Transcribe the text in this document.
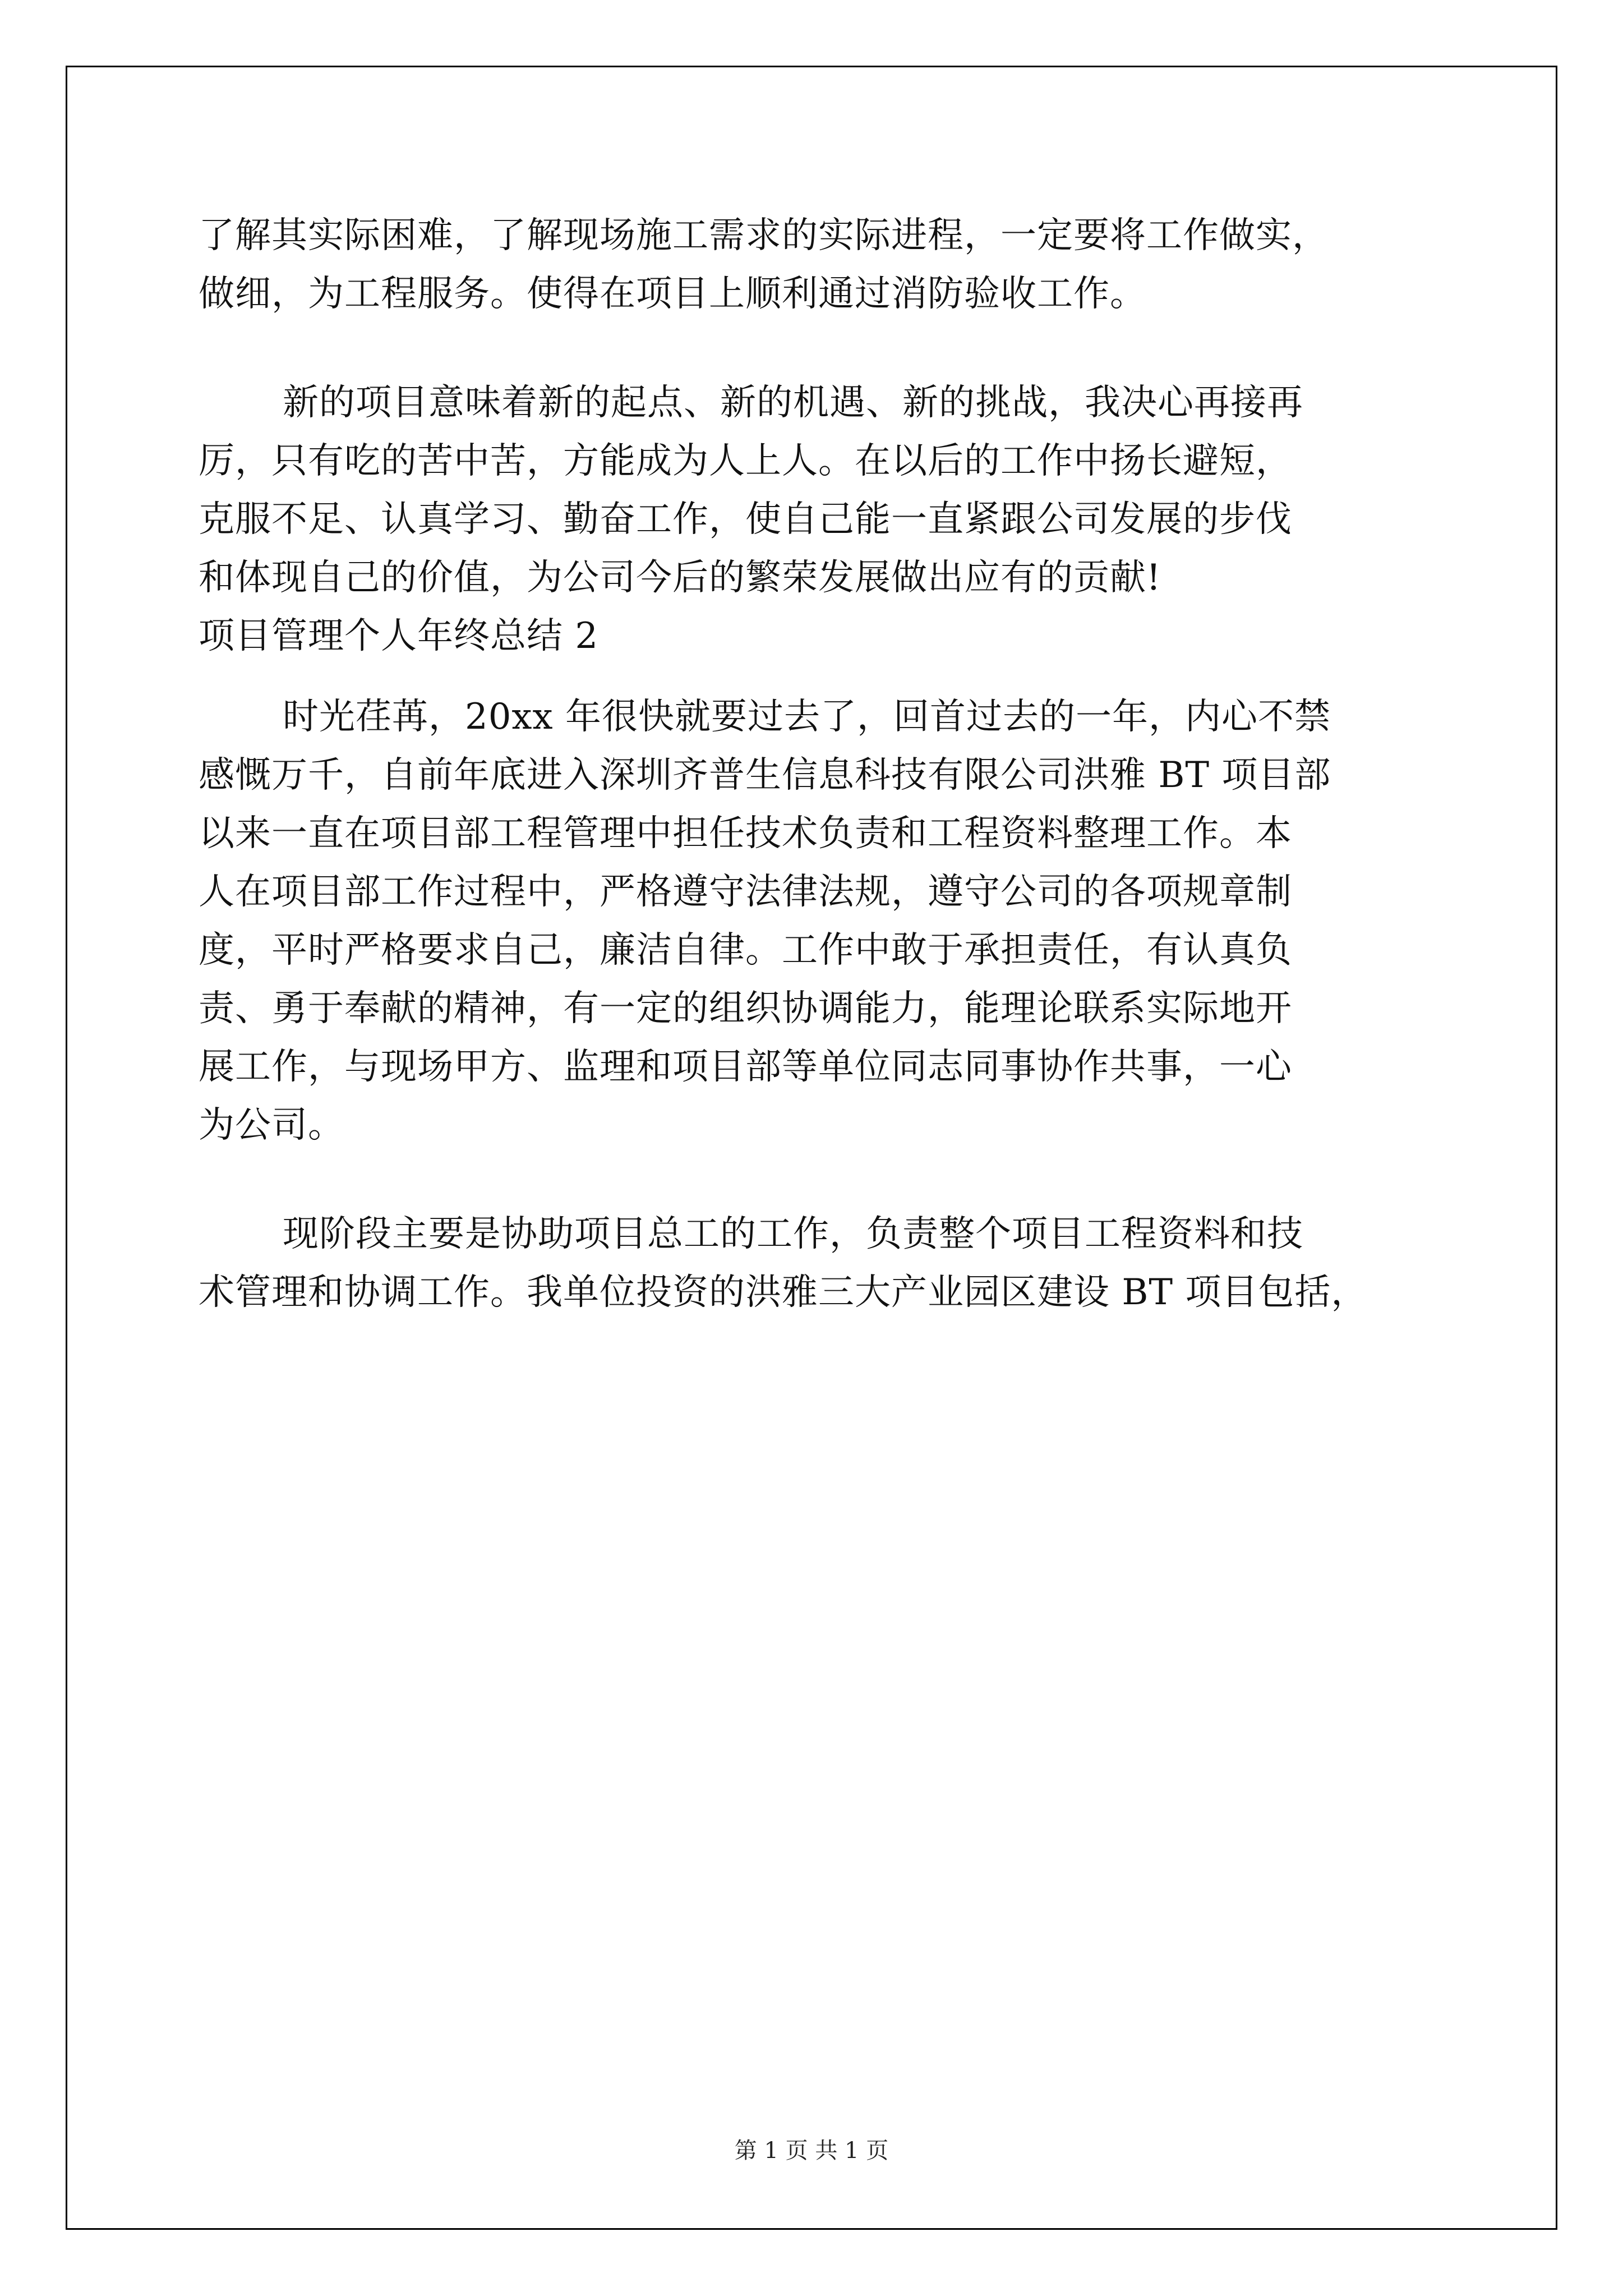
了解其实际困难，了解现场施工需求的实际进程，一定要将工作做实，
做细，为工程服务。使得在项目上顺利通过消防验收工作。
新的项目意味着新的起点、新的机遇、新的挑战，我决心再接再
厉，只有吃的苦中苦，方能成为人上人。在以后的工作中扬长避短，
克服不足、认真学习、勤奋工作，使自己能一直紧跟公司发展的步伐
和体现自己的价值，为公司今后的繁荣发展做出应有的贡献!
项目管理个人年终总结 2
时光荏苒，20xx 年很快就要过去了，回首过去的一年，内心不禁
感慨万千，自前年底进入深圳齐普生信息科技有限公司洪雅 BT 项目部
以来一直在项目部工程管理中担任技术负责和工程资料整理工作。本
人在项目部工作过程中，严格遵守法律法规，遵守公司的各项规章制
度，平时严格要求自己，廉洁自律。工作中敢于承担责任，有认真负
责、勇于奉献的精神，有一定的组织协调能力，能理论联系实际地开
展工作，与现场甲方、监理和项目部等单位同志同事协作共事，一心
为公司。
现阶段主要是协助项目总工的工作，负责整个项目工程资料和技
术管理和协调工作。我单位投资的洪雅三大产业园区建设 BT 项目包括，
第 1 页 共 1 页
